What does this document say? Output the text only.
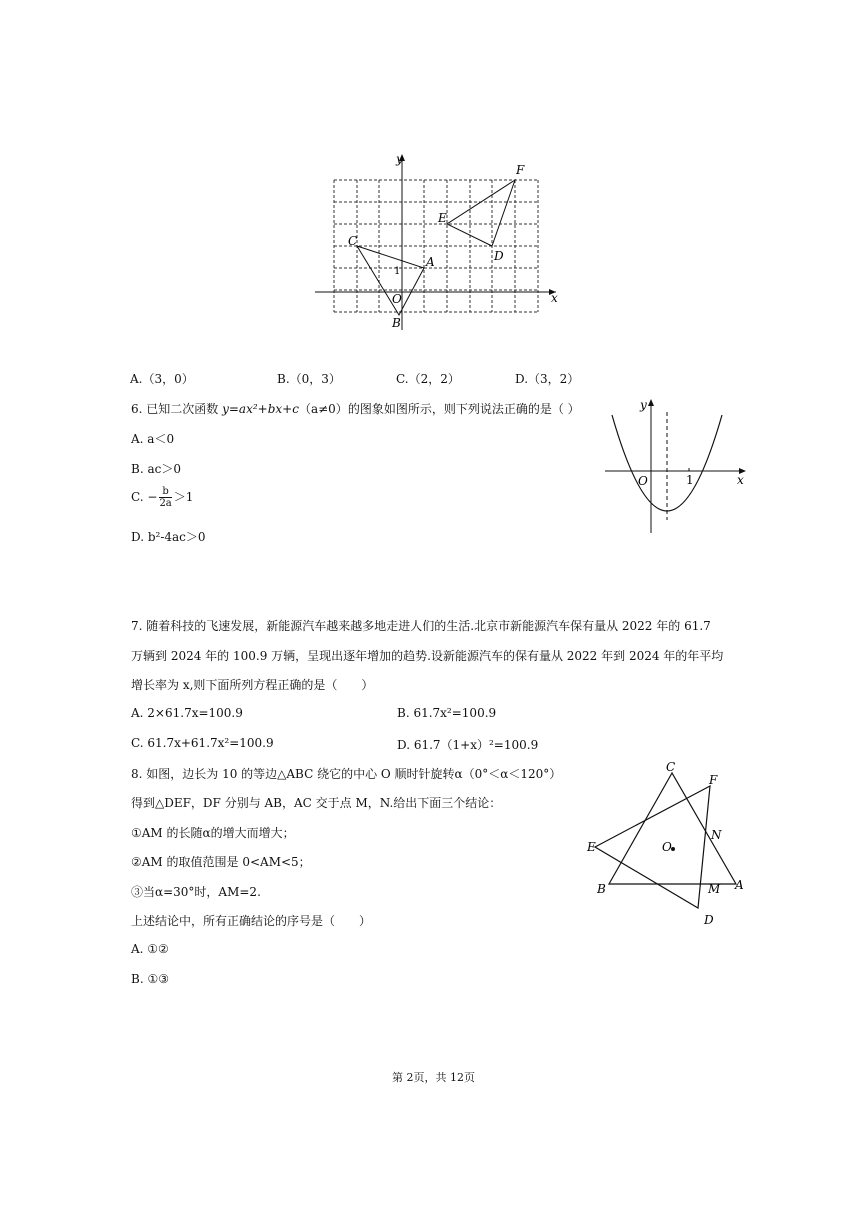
y
x
O
1
A
B
C
D
E
F
A.（3，0）	B.（0，3）	C.（2，2）	D.（3，2）
6. 已知二次函数 y=ax²+bx+c（a≠0）的图象如图所示，则下列说法正确的是（ ）
A. a＜0
B. ac＞0
C. − $\frac{b}{2a} >1$
D. b²-4ac＞0
y
x
O	1
7. 随着科技的飞速发展，新能源汽车越来越多地走进人们的生活.北京市新能源汽车保有量从 2022 年的 61.7
万辆到 2024 年的 100.9 万辆，呈现出逐年增加的趋势.设新能源汽车的保有量从 2022 年到 2024 年的年平均
增长率为 x,则下面所列方程正确的是（　　）
A. 2×61.7x=100.9	B. 61.7x²=100.9
C. 61.7x+61.7x²=100.9	D. 61.7（1+x）²=100.9
8. 如图，边长为 10 的等边△ABC 绕它的中心 O 顺时针旋转α（0°＜α＜120°）
得到△DEF，DF 分别与 AB，AC 交于点 M，N.给出下面三个结论：
①AM 的长随α的增大而增大；
②AM 的取值范围是 0<AM<5；
③当α=30°时，AM=2.
上述结论中，所有正确结论的序号是（　　）
A. ①②
B. ①③
C
F
N
E	O
B	M A
D
第 2页，共 12页
